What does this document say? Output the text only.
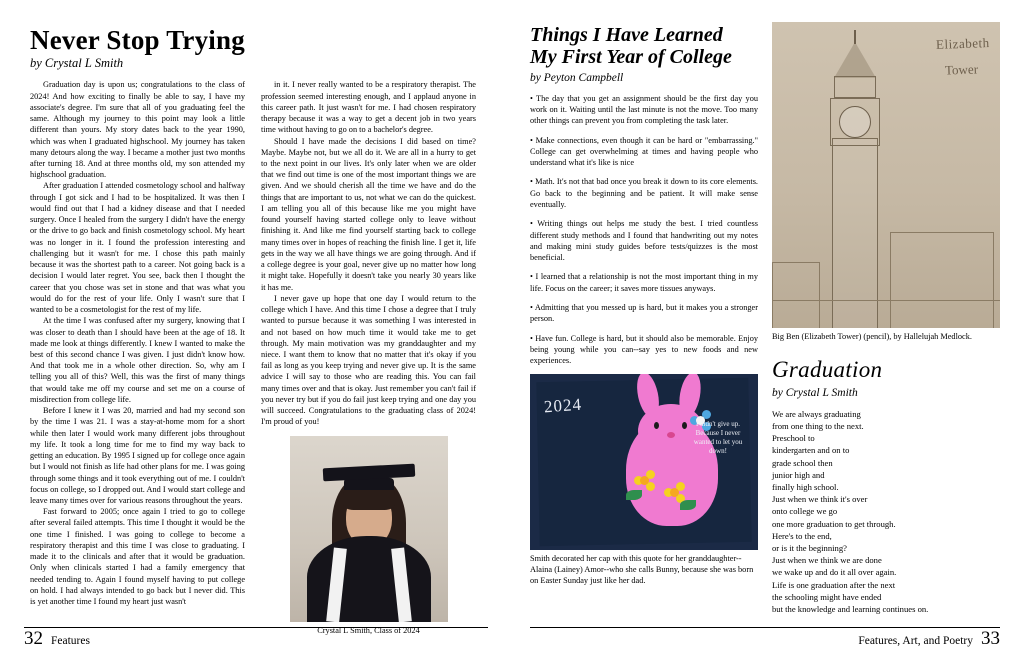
Never Stop Trying
by Crystal L Smith

Graduation day is upon us; congratulations to the class of 2024! And how exciting to finally be able to say, I have my associate's degree. I'm sure that all of you graduating feel the same. Although my journey to this point may look a little different than yours. My story dates back to the year 1990, which was when I graduated highschool. My journey has taken many detours along the way. I became a mother just two months after turning 18. And at three months old, my son attended my highschool graduation.

After graduation I attended cosmetology school and halfway through I got sick and I had to be hospitalized. It was then I would find out that I had a kidney disease and that I needed surgery. Once I healed from the surgery I didn't have the energy or the drive to go back and finish cosmetology school. My heart was no longer in it. I found the profession interesting and challenging but it wasn't for me. I chose this path mainly because it was the shortest path to a career. Not going back is a decision I would later regret. You see, back then I thought the career that you chose was set in stone and that was what you would do for the rest of your life. Only I wasn't sure that I wanted to be a cosmetologist for the rest of my life.

At the time I was confused after my surgery, knowing that I was closer to death than I should have been at the age of 18. It made me look at things differently. I knew I wanted to make the best of this second chance I was given. I just didn't know how. And that took me in a whole other direction. So, why am I telling you all of this? Well, this was the first of many things that would take me off my course and set me on a course of misdirection from college life.

Before I knew it I was 20, married and had my second son by the time I was 21. I was a stay-at-home mom for a short while then later I would work many different jobs throughout my life. It took a long time for me to find my way back to getting an education. By 1995 I signed up for college once again but I would not finish as life had other plans for me. I was going through some things and it took everything out of me. I couldn't focus on college, so I dropped out. And I would start college and leave many times over for various reasons throughout the years.

Fast forward to 2005; once again I tried to go to college after several failed attempts. This time I thought it would be the one time I finished. I was going to college to become a respiratory therapist and this time I was close to graduating. I made it to the clinicals and after that it would be graduation. Only when clinicals started I had a family emergency that needed tending to. Again I found myself having to put college on hold. I had always intended to go back but I never did. This is yet another time I found my heart just wasn't

in it. I never really wanted to be a respiratory therapist. The profession seemed interesting enough, and I applaud anyone in this career path. It just wasn't for me. I had chosen respiratory therapy because it was a way to get a decent job in two years time without having to go on to a bachelor's degree.

Should I have made the decisions I did based on time? Maybe. Maybe not, but we all do it. We are all in a hurry to get to the next point in our lives. It's only later when we are older that we find out time is one of the most important things we are given. And we should cherish all the time we have and do the things that are important to us, not what we can do the quickest. I am telling you all of this because like me you might have found yourself having started college only to leave without finishing it. And like me find yourself starting back to college many times over in hopes of reaching the finish line. I get it, life gets in the way we all have things we are going through. And if a college degree is your goal, never give up no matter how long it might take. Hopefully it doesn't take you nearly 30 years like it has me.

I never gave up hope that one day I would return to the college which I have. And this time I chose a degree that I truly wanted to pursue because it was something I was interested in and not based on how much time it would take me to get through. My main motivation was my granddaughter and my niece. I want them to know that no matter that it's okay if you fail as long as you keep trying and never give up. It is the same advice I will say to those who are reading this. You can fail many times over and that is okay. Just remember you can't fail if you never try but if you do fail just keep trying and one day you will succeed. Congratulations to the graduating class of 2024! I'm proud of you!

Crystal L Smith, Class of 2024
32 Features
Things I Have Learned
My First Year of College
by Peyton Campbell

• The day that you get an assignment should be the first day you work on it. Waiting until the last minute is not the move. Too many other things can prevent you from completing the task later.

• Make connections, even though it can be hard or "embarrassing." College can get overwhelming at times and having people who understand what it's like is nice

• Math. It's not that bad once you break it down to its core elements. Go back to the beginning and be patient. It will make sense eventually.

• Writing things out helps me study the best. I tried countless different study methods and I found that handwriting out my notes and making mini study guides before tests/quizzes is the most beneficial.

• I learned that a relationship is not the most important thing in my life. Focus on the career; it saves more tissues anyways.

• Admitting that you messed up is hard, but it makes you a stronger person.

• Have fun. College is hard, but it should also be memorable. Enjoy being young while you can--say yes to new foods and new experiences.

2024
I didn't give up. Because I never wanted to let you down!
Smith decorated her cap with this quote for her granddaughter--Alaina (Lainey) Amor--who she calls Bunny, because she was born on Easter Sunday just like her dad.
Elizabeth
Tower
Big Ben (Elizabeth Tower) (pencil), by Hallelujah Medlock.
Graduation
by Crystal L Smith
We are always graduating
from one thing to the next.
Preschool to
kindergarten and on to
grade school then
junior high and
finally high school.
Just when we think it's over
onto college we go
one more graduation to get through.
Here's to the end,
or is it the beginning?
Just when we think we are done
we wake up and do it all over again.
Life is one graduation after the next
the schooling might have ended
but the knowledge and learning continues on.
Features, Art, and Poetry 33
